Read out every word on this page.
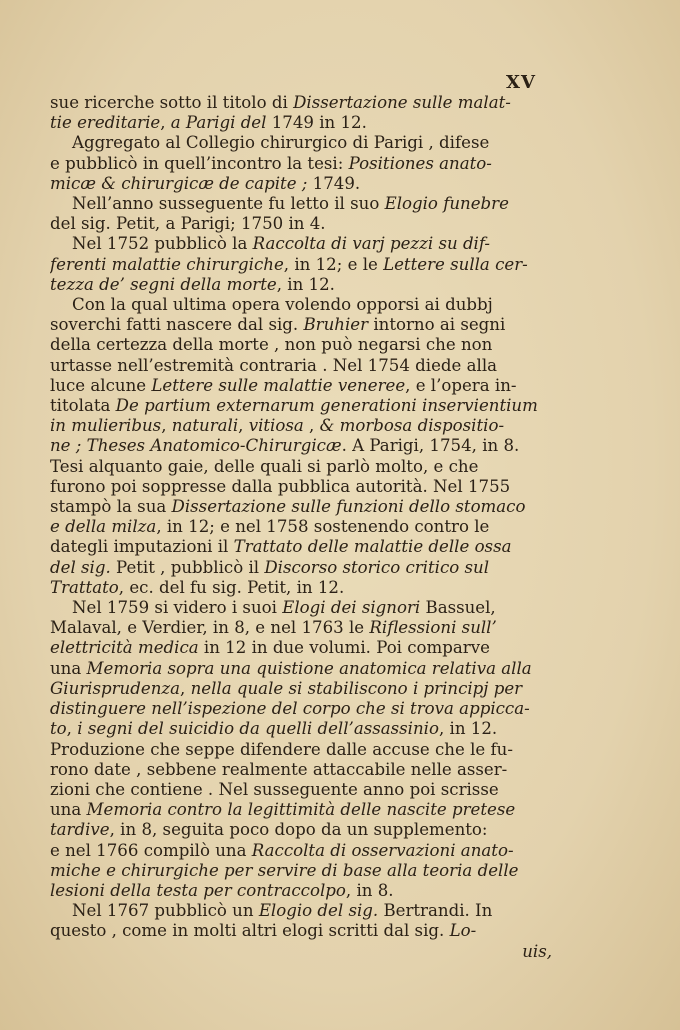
XV
sue ricerche sotto il titolo di Dissertazione sulle malat-
tie ereditarie, a Parigi del 1749 in 12.
Aggregato al Collegio chirurgico di Parigi , difese
e pubblicò in quell’incontro la tesi: Positiones anato-
micæ & chirurgicæ de capite ; 1749.
Nell’anno susseguente fu letto il suo Elogio funebre
del sig. Petit, a Parigi; 1750 in 4.
Nel 1752 pubblicò la Raccolta di varj pezzi su dif-
ferenti malattie chirurgiche, in 12; e le Lettere sulla cer-
tezza de’ segni della morte, in 12.
Con la qual ultima opera volendo opporsi ai dubbj
soverchi fatti nascere dal sig. Bruhier intorno ai segni
della certezza della morte , non può negarsi che non
urtasse nell’estremità contraria . Nel 1754 diede alla
luce alcune Lettere sulle malattie veneree, e l’opera in-
titolata De partium externarum generationi inservientium
in mulieribus, naturali, vitiosa , & morbosa dispositio-
ne ; Theses Anatomico-Chirurgicæ. A Parigi, 1754, in 8.
Tesi alquanto gaie, delle quali si parlò molto, e che
furono poi soppresse dalla pubblica autorità. Nel 1755
stampò la sua Dissertazione sulle funzioni dello stomaco
e della milza, in 12; e nel 1758 sostenendo contro le
dategli imputazioni il Trattato delle malattie delle ossa
del sig. Petit , pubblicò il Discorso storico critico sul
Trattato, ec. del fu sig. Petit, in 12.
Nel 1759 si videro i suoi Elogi dei signori Bassuel,
Malaval, e Verdier, in 8, e nel 1763 le Riflessioni sull’
elettricità medica in 12 in due volumi. Poi comparve
una Memoria sopra una quistione anatomica relativa alla
Giurisprudenza, nella quale si stabiliscono i principj per
distinguere nell’ispezione del corpo che si trova appicca-
to, i segni del suicidio da quelli dell’assassinio, in 12.
Produzione che seppe difendere dalle accuse che le fu-
rono date , sebbene realmente attaccabile nelle asser-
zioni che contiene . Nel susseguente anno poi scrisse
una Memoria contro la legittimità delle nascite pretese
tardive, in 8, seguita poco dopo da un supplemento:
e nel 1766 compilò una Raccolta di osservazioni anato-
miche e chirurgiche per servire di base alla teoria delle
lesioni della testa per contraccolpo, in 8.
Nel 1767 pubblicò un Elogio del sig. Bertrandi. In
questo , come in molti altri elogi scritti dal sig. Lo-
uis,
